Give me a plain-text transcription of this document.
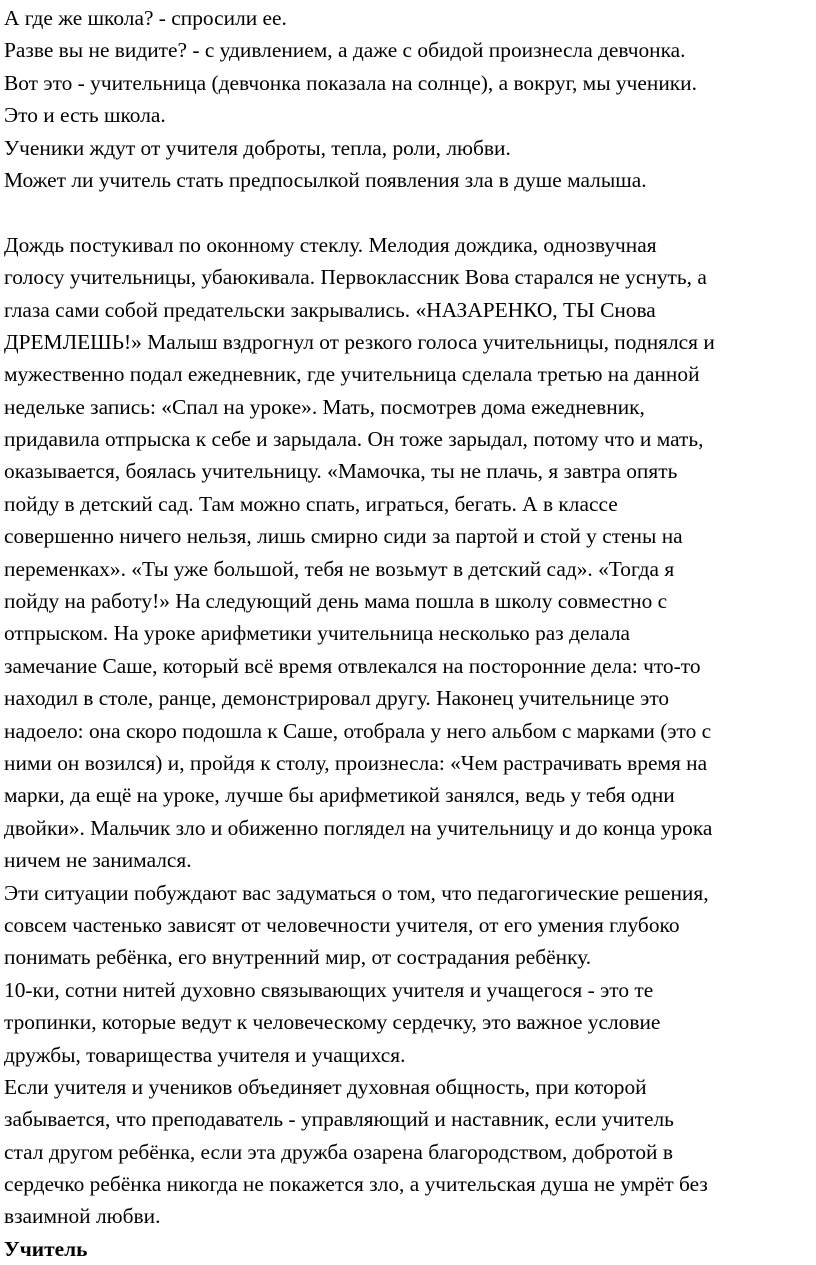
А где же школа? - спросили ее.
Разве вы не видите? - с удивлением, а даже с обидой произнесла девчонка.
Вот это - учительница (девчонка показала на солнце), а вокруг, мы ученики.
Это и есть школа.
Ученики ждут от учителя доброты, тепла, роли, любви.
Может ли учитель стать предпосылкой появления зла в душе малыша.
Дождь постукивал по оконному стеклу. Мелодия дождика, однозвучная
голосу учительницы, убаюкивала. Первоклассник Вова старался не уснуть, а
глаза сами собой предательски закрывались. «НАЗАРЕНКО, ТЫ Снова
ДРЕМЛЕШЬ!» Малыш вздрогнул от резкого голоса учительницы, поднялся и
мужественно подал ежедневник, где учительница сделала третью на данной
недельке запись: «Спал на уроке». Мать, посмотрев дома ежедневник,
придавила отпрыска к себе и зарыдала. Он тоже зарыдал, потому что и мать,
оказывается, боялась учительницу. «Мамочка, ты не плачь, я завтра опять
пойду в детский сад. Там можно спать, играться, бегать. А в классе
совершенно ничего нельзя, лишь смирно сиди за партой и стой у стены на
переменках». «Ты уже большой, тебя не возьмут в детский сад». «Тогда я
пойду на работу!» На следующий день мама пошла в школу совместно с
отпрыском. На уроке арифметики учительница несколько раз делала
замечание Саше, который всё время отвлекался на посторонние дела: что-то
находил в столе, ранце, демонстрировал другу. Наконец учительнице это
надоело: она скоро подошла к Саше, отобрала у него альбом с марками (это с
ними он возился) и, пройдя к столу, произнесла: «Чем растрачивать время на
марки, да ещё на уроке, лучше бы арифметикой занялся, ведь у тебя одни
двойки». Мальчик зло и обиженно поглядел на учительницу и до конца урока
ничем не занимался.
Эти ситуации побуждают вас задуматься о том, что педагогические решения,
совсем частенько зависят от человечности учителя, от его умения глубоко
понимать ребёнка, его внутренний мир, от сострадания ребёнку.
10-ки, сотни нитей духовно связывающих учителя и учащегося - это те
тропинки, которые ведут к человеческому сердечку, это важное условие
дружбы, товарищества учителя и учащихся.
Если учителя и учеников объединяет духовная общность, при которой
забывается, что преподаватель - управляющий и наставник, если учитель
стал другом ребёнка, если эта дружба озарена благородством, добротой в
сердечко ребёнка никогда не покажется зло, а учительская душа не умрёт без
взаимной любви.
Учитель
